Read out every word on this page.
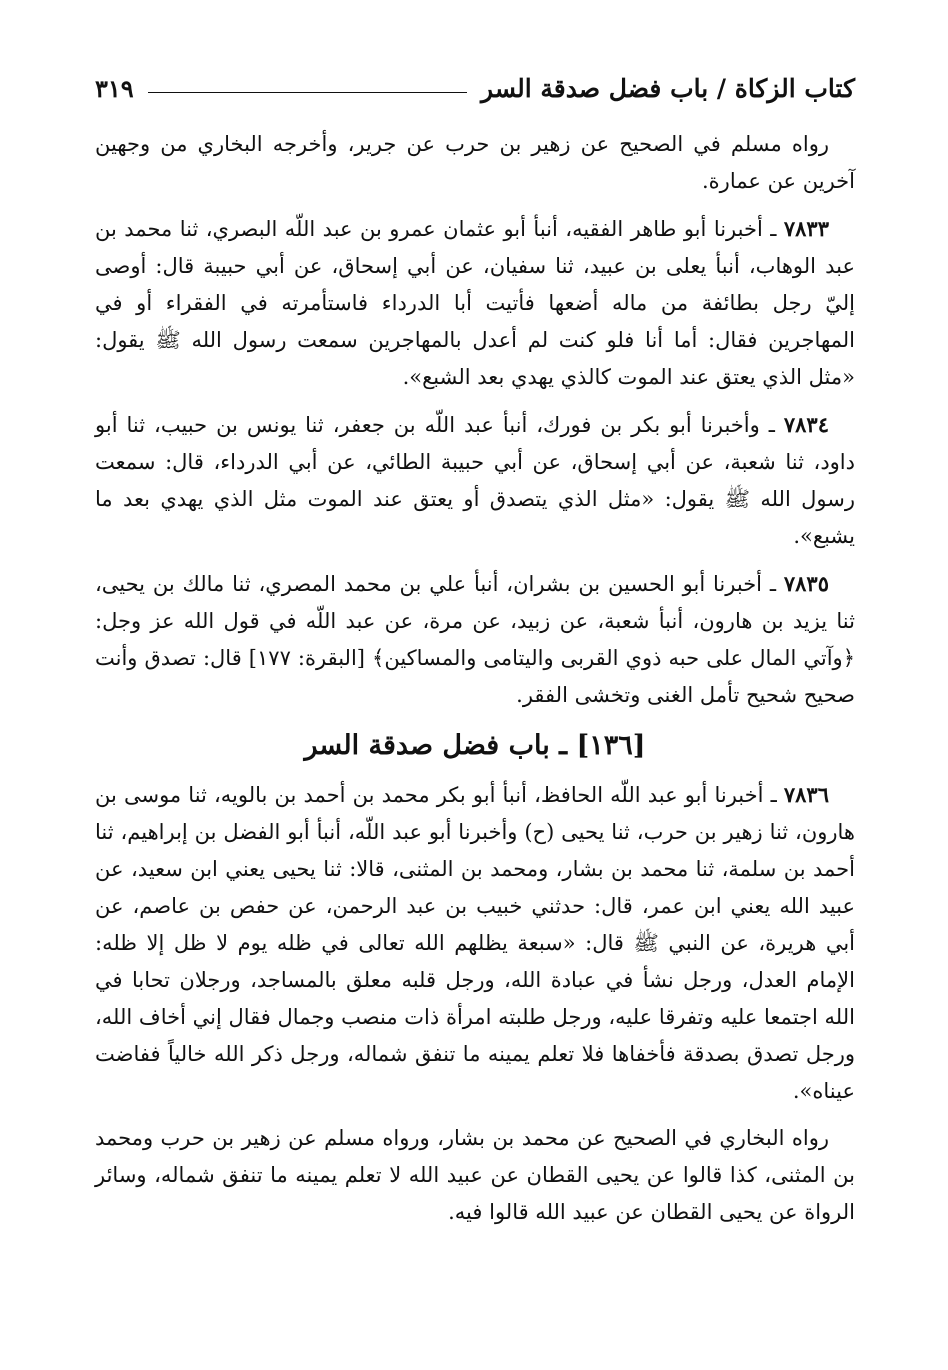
كتاب الزكاة / باب فضل صدقة السر
٣١٩

رواه مسلم في الصحيح عن زهير بن حرب عن جرير، وأخرجه البخاري من وجهين آخرين عن عمارة.

٧٨٣٣ ـ أخبرنا أبو طاهر الفقيه، أنبأ أبو عثمان عمرو بن عبد اللّه البصري، ثنا محمد بن عبد الوهاب، أنبأ يعلى بن عبيد، ثنا سفيان، عن أبي إسحاق، عن أبي حبيبة قال: أوصى إليّ رجل بطائفة من ماله أضعها فأتيت أبا الدرداء فاستأمرته في الفقراء أو في المهاجرين فقال: أما أنا فلو كنت لم أعدل بالمهاجرين سمعت رسول الله ﷺ يقول: «مثل الذي يعتق عند الموت كالذي يهدي بعد الشبع».

٧٨٣٤ ـ وأخبرنا أبو بكر بن فورك، أنبأ عبد اللّه بن جعفر، ثنا يونس بن حبيب، ثنا أبو داود، ثنا شعبة، عن أبي إسحاق، عن أبي حبيبة الطائي، عن أبي الدرداء، قال: سمعت رسول الله ﷺ يقول: «مثل الذي يتصدق أو يعتق عند الموت مثل الذي يهدي بعد ما يشبع».

٧٨٣٥ ـ أخبرنا أبو الحسين بن بشران، أنبأ علي بن محمد المصري، ثنا مالك بن يحيى، ثنا يزيد بن هارون، أنبأ شعبة، عن زبيد، عن مرة، عن عبد اللّه في قول الله عز وجل: ﴿وآتي المال على حبه ذوي القربى واليتامى والمساكين﴾ [البقرة: ١٧٧] قال: تصدق وأنت صحيح شحيح تأمل الغنى وتخشى الفقر.

[١٣٦] ـ باب فضل صدقة السر

٧٨٣٦ ـ أخبرنا أبو عبد اللّه الحافظ، أنبأ أبو بكر محمد بن أحمد بن بالويه، ثنا موسى بن هارون، ثنا زهير بن حرب، ثنا يحيى (ح) وأخبرنا أبو عبد اللّه، أنبأ أبو الفضل بن إبراهيم، ثنا أحمد بن سلمة، ثنا محمد بن بشار، ومحمد بن المثنى، قالا: ثنا يحيى يعني ابن سعيد، عن عبيد الله يعني ابن عمر، قال: حدثني خبيب بن عبد الرحمن، عن حفص بن عاصم، عن أبي هريرة، عن النبي ﷺ قال: «سبعة يظلهم الله تعالى في ظله يوم لا ظل إلا ظله: الإمام العدل، ورجل نشأ في عبادة الله، ورجل قلبه معلق بالمساجد، ورجلان تحابا في الله اجتمعا عليه وتفرقا عليه، ورجل طلبته امرأة ذات منصب وجمال فقال إني أخاف الله، ورجل تصدق بصدقة فأخفاها فلا تعلم يمينه ما تنفق شماله، ورجل ذكر الله خالياً ففاضت عيناه».

رواه البخاري في الصحيح عن محمد بن بشار، ورواه مسلم عن زهير بن حرب ومحمد بن المثنى، كذا قالوا عن يحيى القطان عن عبيد الله لا تعلم يمينه ما تنفق شماله، وسائر الرواة عن يحيى القطان عن عبيد الله قالوا فيه.
